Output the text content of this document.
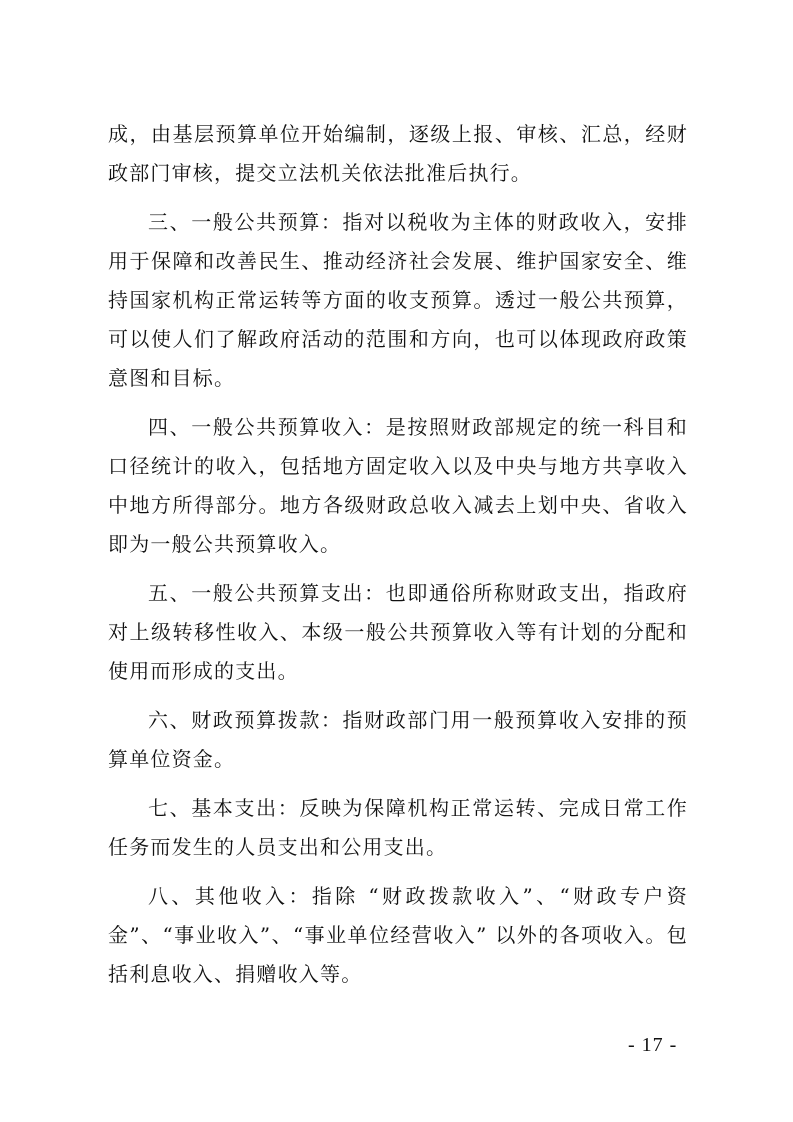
成，由基层预算单位开始编制，逐级上报、审核、汇总，经财政部门审核，提交立法机关依法批准后执行。

三、一般公共预算：指对以税收为主体的财政收入，安排用于保障和改善民生、推动经济社会发展、维护国家安全、维持国家机构正常运转等方面的收支预算。透过一般公共预算，可以使人们了解政府活动的范围和方向，也可以体现政府政策意图和目标。

四、一般公共预算收入：是按照财政部规定的统一科目和口径统计的收入，包括地方固定收入以及中央与地方共享收入中地方所得部分。地方各级财政总收入减去上划中央、省收入即为一般公共预算收入。

五、一般公共预算支出：也即通俗所称财政支出，指政府对上级转移性收入、本级一般公共预算收入等有计划的分配和使用而形成的支出。

六、财政预算拨款：指财政部门用一般预算收入安排的预算单位资金。

七、基本支出：反映为保障机构正常运转、完成日常工作任务而发生的人员支出和公用支出。

八、其他收入：指除 “财政拨款收入”、“财政专户资金”、“事业收入”、“事业单位经营收入” 以外的各项收入。包括利息收入、捐赠收入等。

- 17 -
